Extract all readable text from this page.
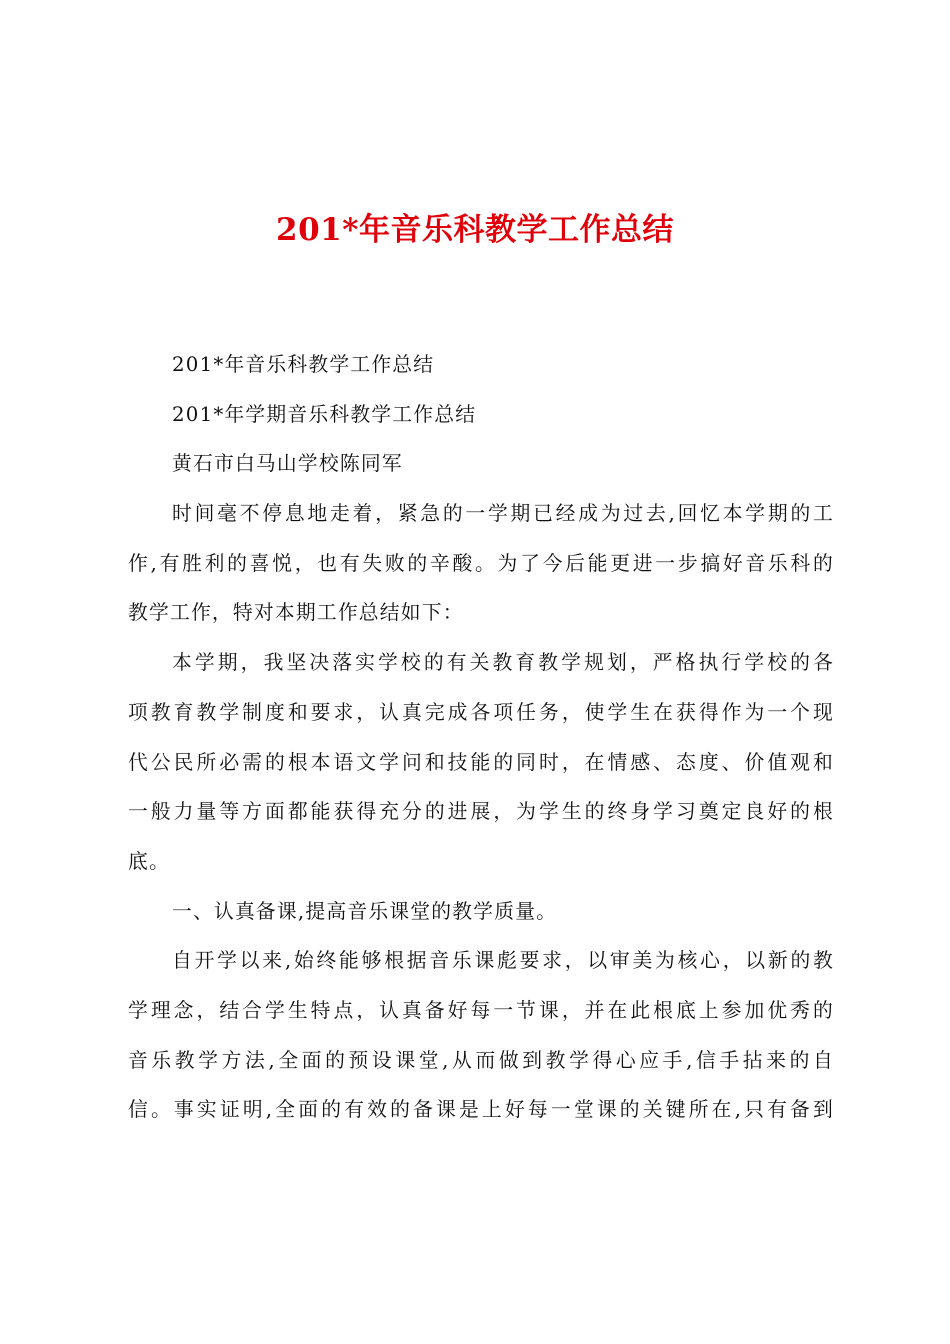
201*年音乐科教学工作总结
201*年音乐科教学工作总结
201*年学期音乐科教学工作总结
黄石市白马山学校陈同军
时间毫不停息地走着，紧急的一学期已经成为过去,回忆本学期的工
作,有胜利的喜悦，也有失败的辛酸。为了今后能更进一步搞好音乐科的
教学工作，特对本期工作总结如下：
本学期，我坚决落实学校的有关教育教学规划，严格执行学校的各
项教育教学制度和要求，认真完成各项任务，使学生在获得作为一个现
代公民所必需的根本语文学问和技能的同时，在情感、态度、价值观和
一般力量等方面都能获得充分的进展，为学生的终身学习奠定良好的根
底。
一、认真备课,提高音乐课堂的教学质量。
自开学以来,始终能够根据音乐课彪要求，以审美为核心，以新的教
学理念，结合学生特点，认真备好每一节课，并在此根底上参加优秀的
音乐教学方法,全面的预设课堂,从而做到教学得心应手,信手拈来的自
信。事实证明,全面的有效的备课是上好每一堂课的关键所在,只有备到
